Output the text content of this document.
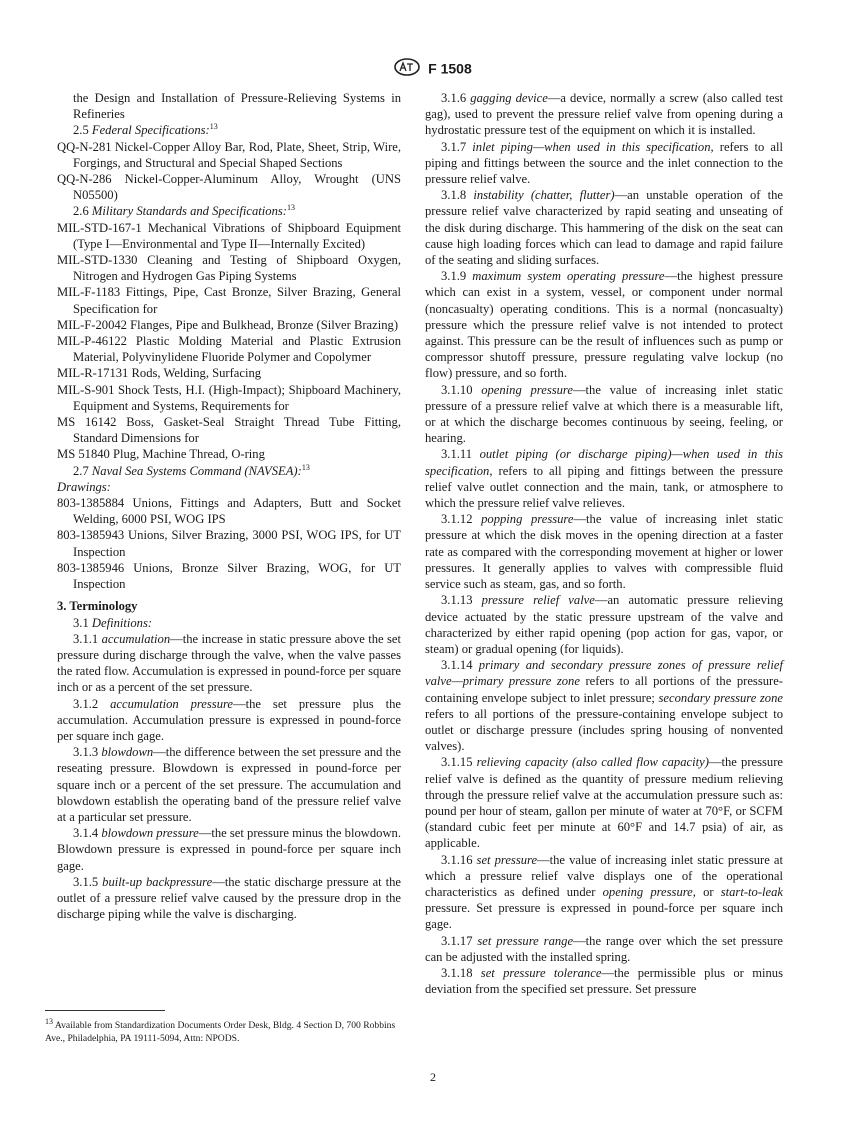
F 1508

the Design and Installation of Pressure-Relieving Systems in Refineries

2.5 Federal Specifications:$^{13}$

QQ-N-281 Nickel-Copper Alloy Bar, Rod, Plate, Sheet, Strip, Wire, Forgings, and Structural and Special Shaped Sections

QQ-N-286 Nickel-Copper-Aluminum Alloy, Wrought (UNS N05500)

2.6 Military Standards and Specifications:$^{13}$

MIL-STD-167-1 Mechanical Vibrations of Shipboard Equipment (Type I—Environmental and Type II—Internally Excited)

MIL-STD-1330 Cleaning and Testing of Shipboard Oxygen, Nitrogen and Hydrogen Gas Piping Systems

MIL-F-1183 Fittings, Pipe, Cast Bronze, Silver Brazing, General Specification for

MIL-F-20042 Flanges, Pipe and Bulkhead, Bronze (Silver Brazing)

MIL-P-46122 Plastic Molding Material and Plastic Extrusion Material, Polyvinylidene Fluoride Polymer and Copolymer

MIL-R-17131 Rods, Welding, Surfacing

MIL-S-901 Shock Tests, H.I. (High-Impact); Shipboard Machinery, Equipment and Systems, Requirements for

MS 16142 Boss, Gasket-Seal Straight Thread Tube Fitting, Standard Dimensions for

MS 51840 Plug, Machine Thread, O-ring

2.7 Naval Sea Systems Command (NAVSEA):$^{13}$

Drawings:

803-1385884 Unions, Fittings and Adapters, Butt and Socket Welding, 6000 PSI, WOG IPS

803-1385943 Unions, Silver Brazing, 3000 PSI, WOG IPS, for UT Inspection

803-1385946 Unions, Bronze Silver Brazing, WOG, for UT Inspection

3. Terminology

3.1 Definitions:

3.1.1 accumulation—the increase in static pressure above the set pressure during discharge through the valve, when the valve passes the rated flow. Accumulation is expressed in pound-force per square inch or as a percent of the set pressure.

3.1.2 accumulation pressure—the set pressure plus the accumulation. Accumulation pressure is expressed in pound-force per square inch gage.

3.1.3 blowdown—the difference between the set pressure and the reseating pressure. Blowdown is expressed in pound-force per square inch or a percent of the set pressure. The accumulation and blowdown establish the operating band of the pressure relief valve at a particular set pressure.

3.1.4 blowdown pressure—the set pressure minus the blowdown. Blowdown pressure is expressed in pound-force per square inch gage.

3.1.5 built-up backpressure—the static discharge pressure at the outlet of a pressure relief valve caused by the pressure drop in the discharge piping while the valve is discharging.

3.1.6 gagging device—a device, normally a screw (also called test gag), used to prevent the pressure relief valve from opening during a hydrostatic pressure test of the equipment on which it is installed.

3.1.7 inlet piping—when used in this specification, refers to all piping and fittings between the source and the inlet connection to the pressure relief valve.

3.1.8 instability (chatter, flutter)—an unstable operation of the pressure relief valve characterized by rapid seating and unseating of the disk during discharge. This hammering of the disk on the seat can cause high loading forces which can lead to damage and rapid failure of the seating and sliding surfaces.

3.1.9 maximum system operating pressure—the highest pressure which can exist in a system, vessel, or component under normal (noncasualty) operating conditions. This is a normal (noncasualty) pressure which the pressure relief valve is not intended to protect against. This pressure can be the result of influences such as pump or compressor shutoff pressure, pressure regulating valve lockup (no flow) pressure, and so forth.

3.1.10 opening pressure—the value of increasing inlet static pressure of a pressure relief valve at which there is a measurable lift, or at which the discharge becomes continuous by seeing, feeling, or hearing.

3.1.11 outlet piping (or discharge piping)—when used in this specification, refers to all piping and fittings between the pressure relief valve outlet connection and the main, tank, or atmosphere to which the pressure relief valve relieves.

3.1.12 popping pressure—the value of increasing inlet static pressure at which the disk moves in the opening direction at a faster rate as compared with the corresponding movement at higher or lower pressures. It generally applies to valves with compressible fluid service such as steam, gas, and so forth.

3.1.13 pressure relief valve—an automatic pressure relieving device actuated by the static pressure upstream of the valve and characterized by either rapid opening (pop action for gas, vapor, or steam) or gradual opening (for liquids).

3.1.14 primary and secondary pressure zones of pressure relief valve—primary pressure zone refers to all portions of the pressure-containing envelope subject to inlet pressure; secondary pressure zone refers to all portions of the pressure-containing envelope subject to outlet or discharge pressure (includes spring housing of nonvented valves).

3.1.15 relieving capacity (also called flow capacity)—the pressure relief valve is defined as the quantity of pressure medium relieving through the pressure relief valve at the accumulation pressure such as: pound per hour of steam, gallon per minute of water at 70°F, or SCFM (standard cubic feet per minute at 60°F and 14.7 psia) of air, as applicable.

3.1.16 set pressure—the value of increasing inlet static pressure at which a pressure relief valve displays one of the operational characteristics as defined under opening pressure, or start-to-leak pressure. Set pressure is expressed in pound-force per square inch gage.

3.1.17 set pressure range—the range over which the set pressure can be adjusted with the installed spring.

3.1.18 set pressure tolerance—the permissible plus or minus deviation from the specified set pressure. Set pressure

$^{13}$ Available from Standardization Documents Order Desk, Bldg. 4 Section D, 700 Robbins Ave., Philadelphia, PA 19111-5094, Attn: NPODS.
2
